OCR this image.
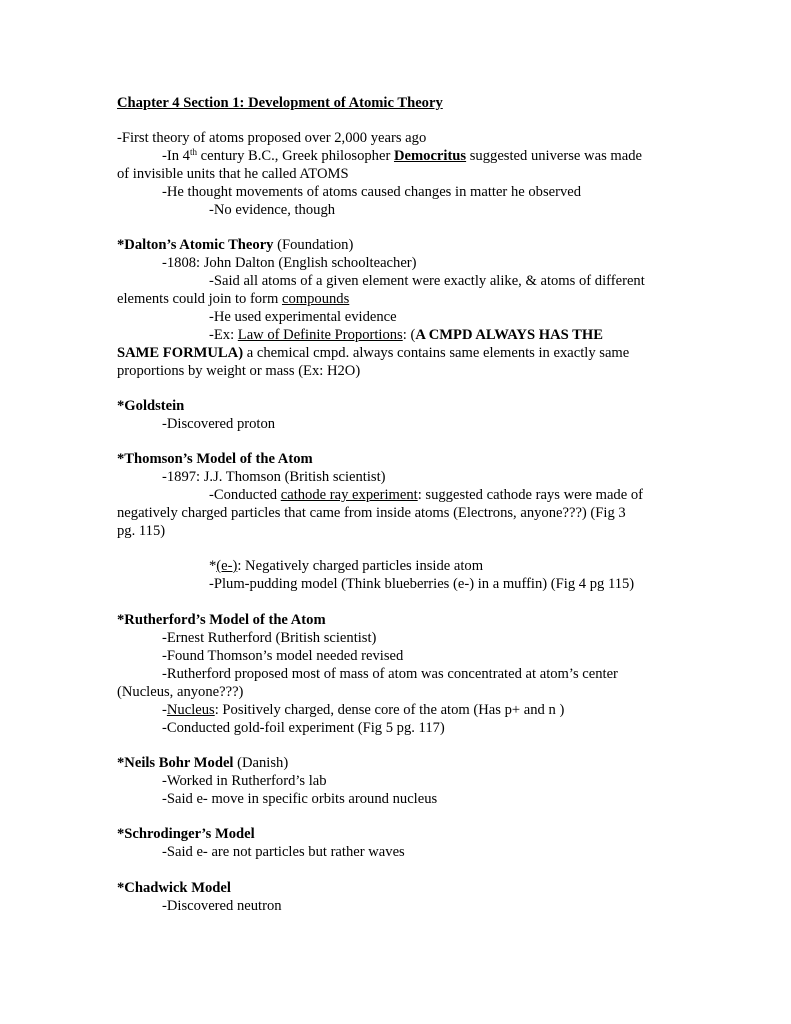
Chapter 4 Section 1: Development of Atomic Theory
-First theory of atoms proposed over 2,000 years ago
-In 4th century B.C., Greek philosopher Democritus suggested universe was made
of invisible units that he called ATOMS
-He thought movements of atoms caused changes in matter he observed
-No evidence, though
*Dalton’s Atomic Theory (Foundation)
-1808: John Dalton (English schoolteacher)
-Said all atoms of a given element were exactly alike, & atoms of different
elements could join to form compounds
-He used experimental evidence
-Ex: Law of Definite Proportions: (A CMPD ALWAYS HAS THE
SAME FORMULA) a chemical cmpd. always contains same elements in exactly same
proportions by weight or mass (Ex: H2O)
*Goldstein
-Discovered proton
*Thomson’s Model of the Atom
-1897: J.J. Thomson (British scientist)
-Conducted cathode ray experiment: suggested cathode rays were made of
negatively charged particles that came from inside atoms (Electrons, anyone???) (Fig 3
pg. 115)
*(e-): Negatively charged particles inside atom
-Plum-pudding model (Think blueberries (e-) in a muffin) (Fig 4 pg 115)
*Rutherford’s Model of the Atom
-Ernest Rutherford (British scientist)
-Found Thomson’s model needed revised
-Rutherford proposed most of mass of atom was concentrated at atom’s center
(Nucleus, anyone???)
-Nucleus: Positively charged, dense core of the atom (Has p+ and n )
-Conducted gold-foil experiment (Fig 5 pg. 117)
*Neils Bohr Model (Danish)
-Worked in Rutherford’s lab
-Said e- move in specific orbits around nucleus
*Schrodinger’s Model
-Said e- are not particles but rather waves
*Chadwick Model
-Discovered neutron
